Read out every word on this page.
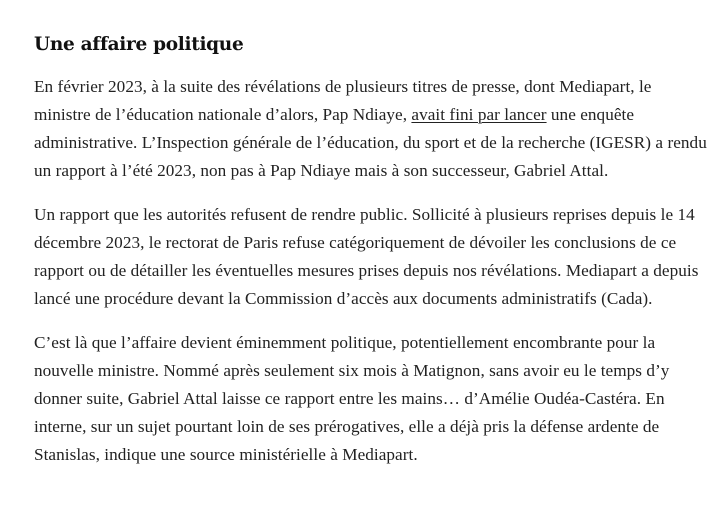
Une affaire politique

En février 2023, à la suite des révélations de plusieurs titres de presse, dont Mediapart, le ministre de l’éducation nationale d’alors, Pap Ndiaye, avait fini par lancer une enquête administrative. L’Inspection générale de l’éducation, du sport et de la recherche (IGESR) a rendu un rapport à l’été 2023, non pas à Pap Ndiaye mais à son successeur, Gabriel Attal.

Un rapport que les autorités refusent de rendre public. Sollicité à plusieurs reprises depuis le 14 décembre 2023, le rectorat de Paris refuse catégoriquement de dévoiler les conclusions de ce rapport ou de détailler les éventuelles mesures prises depuis nos révélations. Mediapart a depuis lancé une procédure devant la Commission d’accès aux documents administratifs (Cada).

C’est là que l’affaire devient éminemment politique, potentiellement encombrante pour la nouvelle ministre. Nommé après seulement six mois à Matignon, sans avoir eu le temps d’y donner suite, Gabriel Attal laisse ce rapport entre les mains… d’Amélie Oudéa-Castéra. En interne, sur un sujet pourtant loin de ses prérogatives, elle a déjà pris la défense ardente de Stanislas, indique une source ministérielle à Mediapart.
